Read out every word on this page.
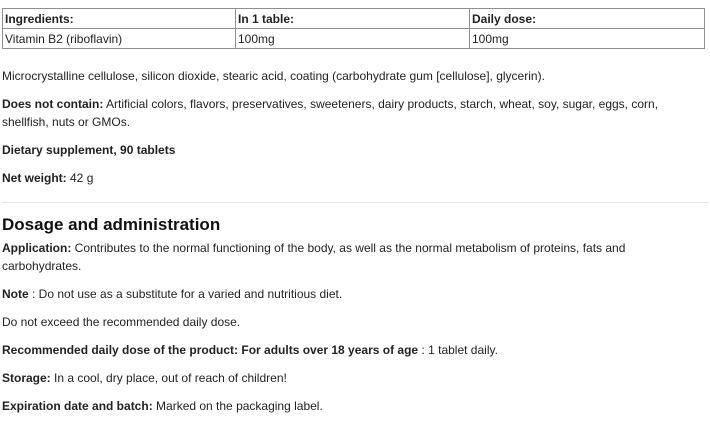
Ingredients:	In 1 table:	Daily dose:
Vitamin B2 (riboflavin)	100mg	100mg

Microcrystalline cellulose, silicon dioxide, stearic acid, coating (carbohydrate gum [cellulose], glycerin).

Does not contain: Artificial colors, flavors, preservatives, sweeteners, dairy products, starch, wheat, soy, sugar, eggs, corn, shellfish, nuts or GMOs.

Dietary supplement, 90 tablets

Net weight: 42 g

Dosage and administration

Application: Contributes to the normal functioning of the body, as well as the normal metabolism of proteins, fats and carbohydrates.

Note : Do not use as a substitute for a varied and nutritious diet.

Do not exceed the recommended daily dose.

Recommended daily dose of the product: For adults over 18 years of age : 1 tablet daily.

Storage: In a cool, dry place, out of reach of children!

Expiration date and batch: Marked on the packaging label.
